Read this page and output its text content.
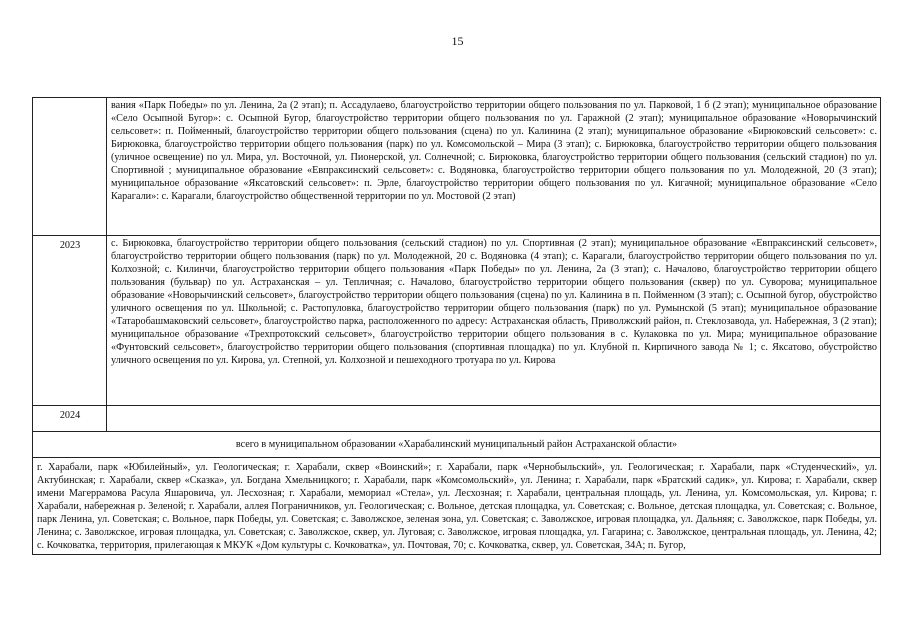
15
	вания «Парк Победы» по ул. Ленина, 2а (2 этап); п. Ассадулаево, благоустройство территории общего пользования по ул. Парковой, 1 б (2 этап); муниципальное образование «Село Осыпной Бугор»: с. Осыпной Бугор, благоустройство территории общего пользования по ул. Гаражной (2 этап); муниципальное образование «Новорычинский сельсовет»: п. Пойменный, благоустройство территории общего пользования (сцена) по ул. Калинина (2 этап); муниципальное образование «Бирюковский сельсовет»: с. Бирюковка, благоустройство территории общего пользования (парк) по ул. Комсомольской – Мира (3 этап); с. Бирюковка, благоустройство территории общего пользования (уличное освещение) по ул. Мира, ул. Восточной, ул. Пионерской, ул. Солнечной; с. Бирюковка, благоустройство территории общего пользования (сельский стадион) по ул. Спортивной ; муниципальное образование «Евпраксинский сельсовет»: с. Водяновка, благоустройство территории общего пользования по ул. Молодежной, 20 (3 этап); муниципальное образование «Яксатовский сельсовет»: п. Эрле, благоустройство территории общего пользования по ул. Кигачной; муниципальное образование «Село Карагали»: с. Карагали, благоустройство общественной территории по ул. Мостовой (2 этап)
2023	с. Бирюковка, благоустройство территории общего пользования (сельский стадион) по ул. Спортивная (2 этап); муниципальное образование «Евпраксинский сельсовет», благоустройство территории общего пользования (парк) по ул. Молодежной, 20 с. Водяновка (4 этап); с. Карагали, благоустройство территории общего пользования по ул. Колхозной; с. Килинчи, благоустройство территории общего пользования «Парк Победы» по ул. Ленина, 2а (3 этап); с. Началово, благоустройство территории общего пользования (бульвар) по ул. Астраханская – ул. Тепличная; с. Началово, благоустройство территории общего пользования (сквер) по ул. Суворова; муниципальное образование «Новорычинский сельсовет», благоустройство территории общего пользования (сцена) по ул. Калинина в п. Пойменном (3 этап); с. Осыпной бугор, обустройство уличного освещения по ул. Школьной; с. Растопуловка, благоустройство территории общего пользования (парк) по ул. Румынской (5 этап); муниципальное образование «Татаробашмаковский сельсовет», благоустройство парка, расположенного по адресу: Астраханская область, Приволжский район, п. Стеклозавода, ул. Набережная, 3 (2 этап); муниципальное образование «Трехпротокский сельсовет», благоустройство территории общего пользования в с. Кулаковка по ул. Мира; муниципальное образование «Фунтовский сельсовет», благоустройство территории общего пользования (спортивная площадка) по ул. Клубной п. Кирпичного завода № 1; с. Яксатово, обустройство уличного освещения по ул. Кирова, ул. Степной, ул. Колхозной и пешеходного тротуара по ул. Кирова
2024	
всего в муниципальном образовании «Харабалинский муниципальный район Астраханской области»	
г. Харабали, парк «Юбилейный», ул. Геологическая; г. Харабали, сквер «Воинский»; г. Харабали, парк «Чернобыльский», ул. Геологическая; г. Харабали, парк «Студенческий», ул. Актубинская; г. Харабали, сквер «Сказка», ул. Богдана Хмельницкого; г. Харабали, парк «Комсомольский», ул. Ленина; г. Харабали, парк «Братский садик», ул. Кирова; г. Харабали, сквер имени Магеррамова Расула Яшаровича, ул. Лесхозная; г. Харабали, мемориал «Стела», ул. Лесхозная; г. Харабали, центральная площадь, ул. Ленина, ул. Комсомольская, ул. Кирова; г. Харабали, набережная р. Зеленой; г. Харабали, аллея Пограничников, ул. Геологическая; с. Вольное, детская площадка, ул. Советская; с. Вольное, детская площадка, ул. Советская; с. Вольное, парк Ленина, ул. Советская; с. Вольное, парк Победы, ул. Советская; с. Заволжское, зеленая зона, ул. Советская; с. Заволжское, игровая площадка, ул. Дальняя; с. Заволжское, парк Победы, ул. Ленина; с. Заволжское, игровая площадка, ул. Советская; с. Заволжское, сквер, ул. Луговая; с. Заволжское, игровая площадка, ул. Гагарина; с. Заволжское, центральная площадь, ул. Ленина, 42; с. Кочковатка, территория, прилегающая к МКУК «Дом культуры с. Кочковатка», ул. Почтовая, 70; с. Кочковатка, сквер, ул. Советская, 34А; п. Бугор,	
